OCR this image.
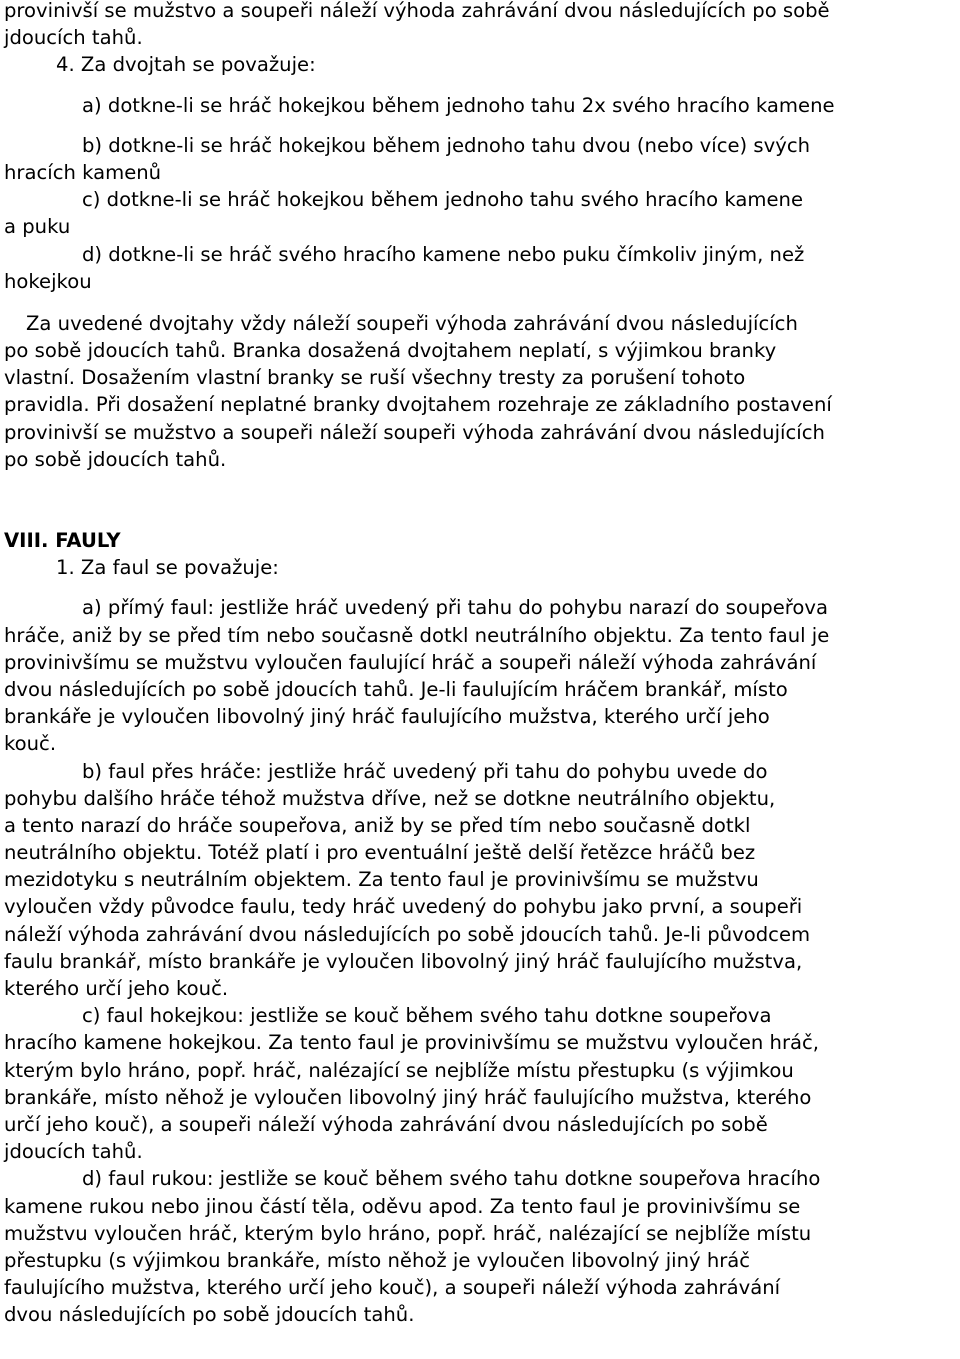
provinivší se mužstvo a soupeři náleží výhoda zahrávání dvou následujících po sobě
jdoucích tahů.
4. Za dvojtah se považuje:
a) dotkne-li se hráč hokejkou během jednoho tahu 2x svého hracího kamene
b) dotkne-li se hráč hokejkou během jednoho tahu dvou (nebo více) svých
hracích kamenů
c) dotkne-li se hráč hokejkou během jednoho tahu svého hracího kamene
a puku
d) dotkne-li se hráč svého hracího kamene nebo puku čímkoliv jiným, než
hokejkou
Za uvedené dvojtahy vždy náleží soupeři výhoda zahrávání dvou následujících
po sobě jdoucích tahů. Branka dosažená dvojtahem neplatí, s výjimkou branky
vlastní. Dosažením vlastní branky se ruší všechny tresty za porušení tohoto
pravidla. Při dosažení neplatné branky dvojtahem rozehraje ze základního postavení
provinivší se mužstvo a soupeři náleží soupeři výhoda zahrávání dvou následujících
po sobě jdoucích tahů.
VIII. FAULY
1. Za faul se považuje:
a) přímý faul: jestliže hráč uvedený při tahu do pohybu narazí do soupeřova
hráče, aniž by se před tím nebo současně dotkl neutrálního objektu. Za tento faul je
provinivšímu se mužstvu vyloučen faulující hráč a soupeři náleží výhoda zahrávání
dvou následujících po sobě jdoucích tahů. Je-li faulujícím hráčem brankář, místo
brankáře je vyloučen libovolný jiný hráč faulujícího mužstva, kterého určí jeho
kouč.
b) faul přes hráče: jestliže hráč uvedený při tahu do pohybu uvede do
pohybu dalšího hráče téhož mužstva dříve, než se dotkne neutrálního objektu,
a tento narazí do hráče soupeřova, aniž by se před tím nebo současně dotkl
neutrálního objektu. Totéž platí i pro eventuální ještě delší řetězce hráčů bez
mezidotyku s neutrálním objektem. Za tento faul je provinivšímu se mužstvu
vyloučen vždy původce faulu, tedy hráč uvedený do pohybu jako první, a soupeři
náleží výhoda zahrávání dvou následujících po sobě jdoucích tahů. Je-li původcem
faulu brankář, místo brankáře je vyloučen libovolný jiný hráč faulujícího mužstva,
kterého určí jeho kouč.
c) faul hokejkou: jestliže se kouč během svého tahu dotkne soupeřova
hracího kamene hokejkou. Za tento faul je provinivšímu se mužstvu vyloučen hráč,
kterým bylo hráno, popř. hráč, nalézající se nejblíže místu přestupku (s výjimkou
brankáře, místo něhož je vyloučen libovolný jiný hráč faulujícího mužstva, kterého
určí jeho kouč), a soupeři náleží výhoda zahrávání dvou následujících po sobě
jdoucích tahů.
d) faul rukou: jestliže se kouč během svého tahu dotkne soupeřova hracího
kamene rukou nebo jinou částí těla, oděvu apod. Za tento faul je provinivšímu se
mužstvu vyloučen hráč, kterým bylo hráno, popř. hráč, nalézající se nejblíže místu
přestupku (s výjimkou brankáře, místo něhož je vyloučen libovolný jiný hráč
faulujícího mužstva, kterého určí jeho kouč), a soupeři náleží výhoda zahrávání
dvou následujících po sobě jdoucích tahů.
